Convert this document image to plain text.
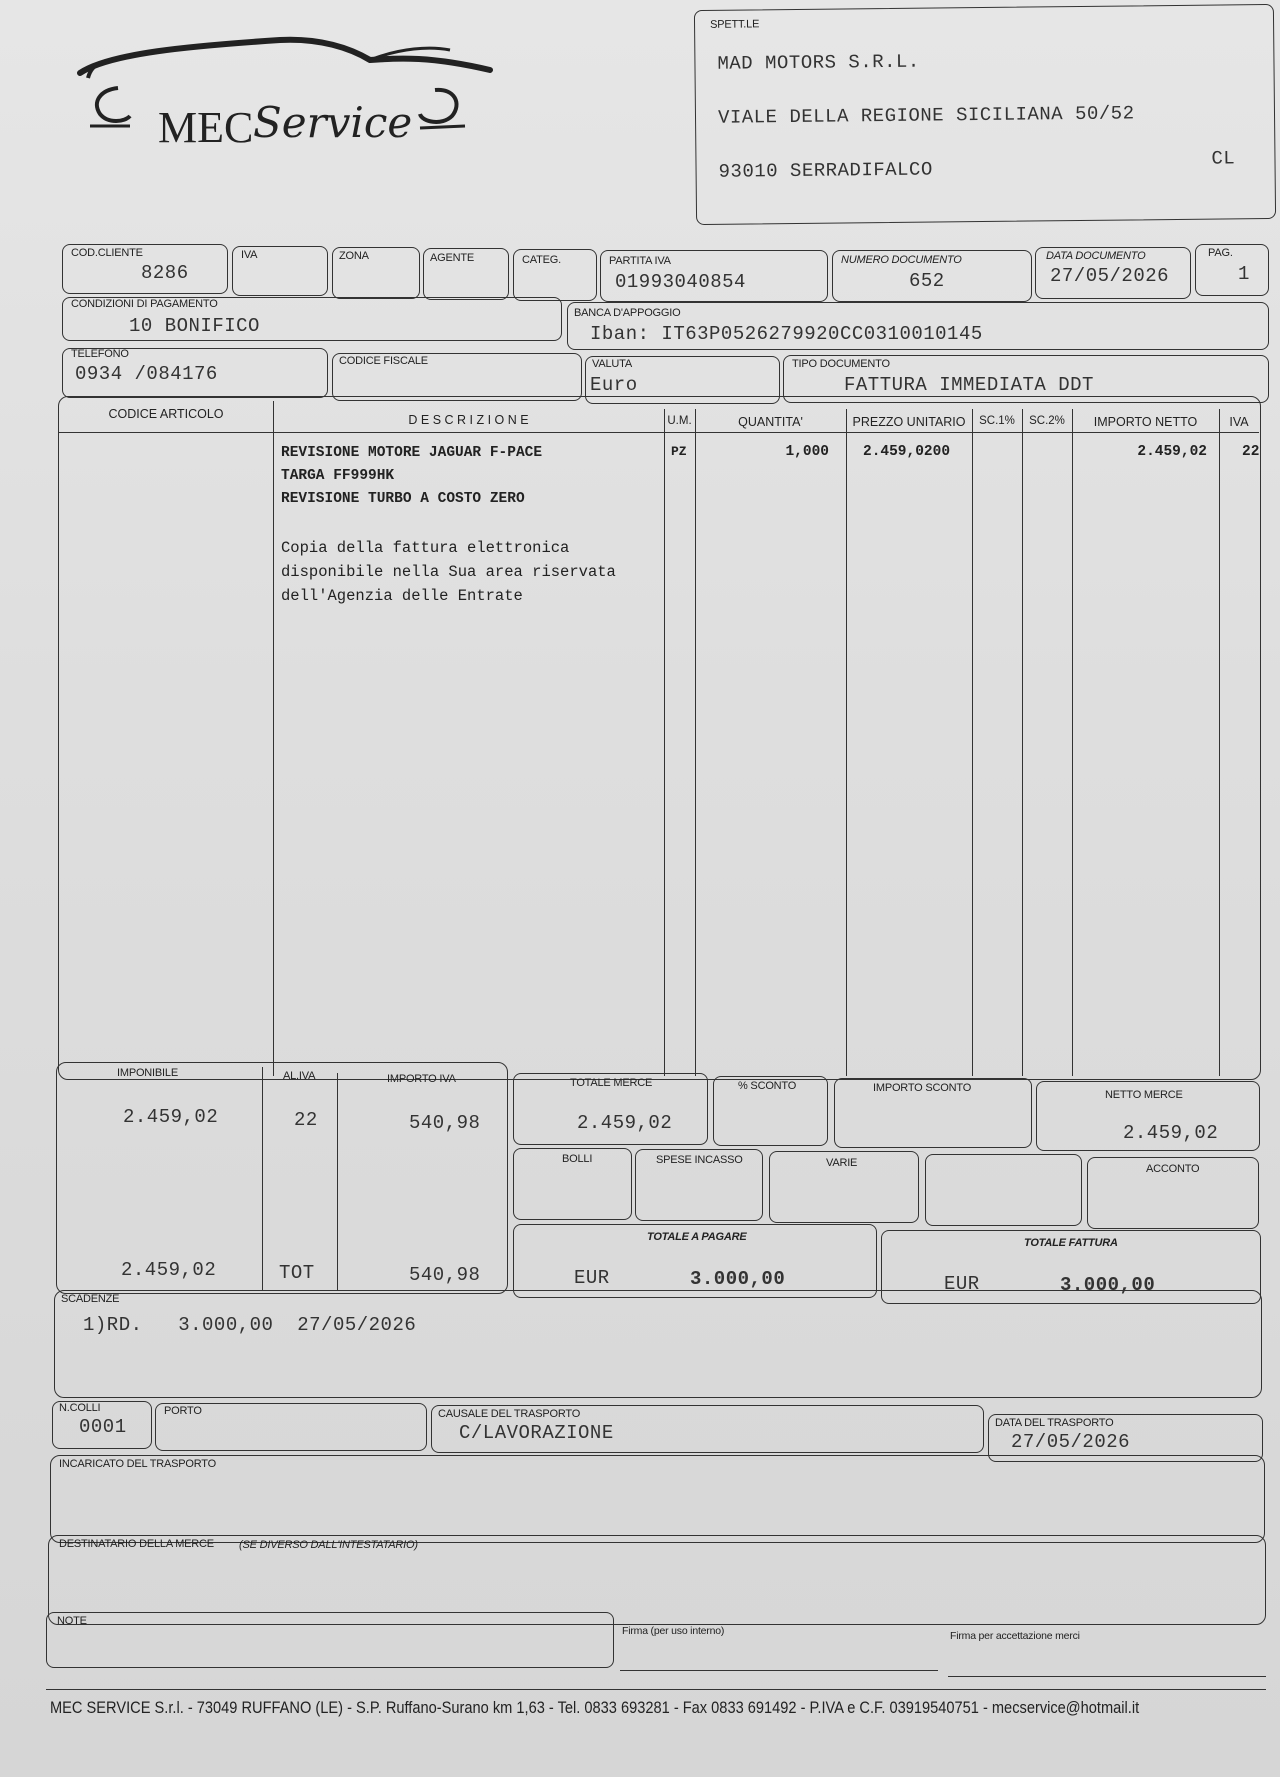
MEC Service
SPETT.LE
MAD MOTORS S.R.L.
VIALE DELLA REGIONE SICILIANA 50/52
93010 SERRADIFALCO
CL
COD.CLIENTE
8286
IVA	ZONA	AGENTE	CATEG.	PARTITA IVA
01993040854
NUMERO DOCUMENTO
652
DATA DOCUMENTO
27/05/2026
PAG.
1
CONDIZIONI DI PAGAMENTO
10 BONIFICO
BANCA D'APPOGGIO
Iban: IT63P0526279920CC0310010145
TELEFONO
0934 /084176
CODICE FISCALE	VALUTA
Euro
TIPO DOCUMENTO
FATTURA IMMEDIATA DDT
CODICE ARTICOLO	D E S C R I Z I O N E	U.M.	QUANTITA'	PREZZO UNITARIO	SC.1%	SC.2%	IMPORTO NETTO	IVA
REVISIONE MOTORE JAGUAR F-PACE
TARGA FF999HK
REVISIONE TURBO A COSTO ZERO
Copia della fattura elettronica
disponibile nella Sua area riservata
dell'Agenzia delle Entrate
PZ	1,000 2.459,0200	2.459,02 22
IMPONIBILE	AL.IVA	IMPORTO IVA
2.459,02	22	540,98
2.459,02	TOT	540,98
TOTALE MERCE
2.459,02
% SCONTO	IMPORTO SCONTO
NETTO MERCE
2.459,02
BOLLI	SPESE INCASSO	VARIE	ACCONTO
TOTALE A PAGARE
EUR	3.000,00
TOTALE FATTURA
EUR	3.000,00
SCADENZE
1)RD.   3.000,00  27/05/2026
N.COLLI
0001
PORTO	CAUSALE DEL TRASPORTO
C/LAVORAZIONE	DATA DEL TRASPORTO
27/05/2026
INCARICATO DEL TRASPORTO
DESTINATARIO DELLA MERCE (SE DIVERSO DALL'INTESTATARIO)
NOTE
Firma (per uso interno)	Firma per accettazione merci
MEC SERVICE S.r.l. - 73049 RUFFANO (LE) - S.P. Ruffano-Surano km 1,63 - Tel. 0833 693281 - Fax 0833 691492 - P.IVA e C.F. 03919540751 - mecservice@hotmail.it
